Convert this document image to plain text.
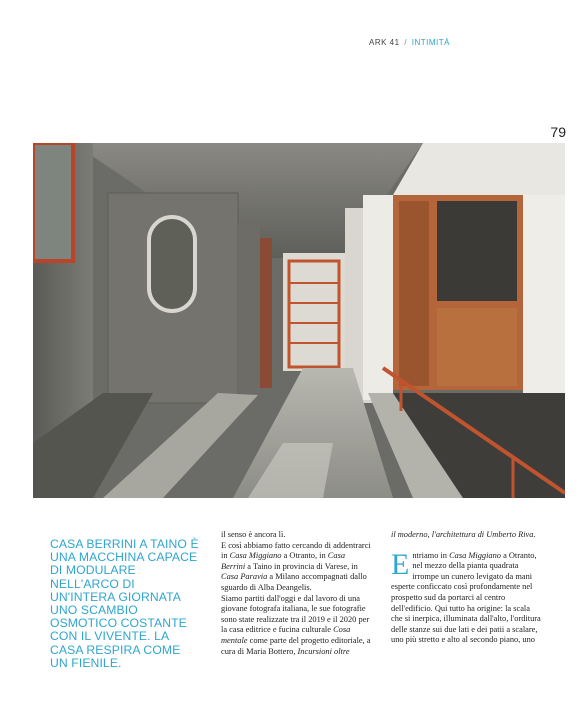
ARK 41 / INTIMITÀ
79
CASA BERRINI A TAINO È UNA MACCHINA CAPACE DI MODULARE NELL'ARCO DI UN'INTERA GIORNATA UNO SCAMBIO OSMOTICO COSTANTE CON IL VIVENTE. LA CASA RESPIRA COME UN FIENILE.

il senso è ancora lì.

E così abbiamo fatto cercando di addentrarci in Casa Miggiano a Otranto, in Casa Berrini a Taino in provincia di Varese, in Casa Paravia a Milano accompagnati dallo sguardo di Alba Deangelis.

Siamo partiti dall'oggi e dal lavoro di una giovane fotografa italiana, le sue fotografie sono state realizzate tra il 2019 e il 2020 per la casa editrice e fucina culturale Cosa mentale come parte del progetto editoriale, a cura di Maria Bottero, Incursioni oltre

il moderno, l'architettura di Umberto Riva.

Entriamo in Casa Miggiano a Otranto, nel mezzo della pianta quadrata irrompe un cunero levigato da mani esperte conficcato così profondamente nel prospetto sud da portarci al centro dell'edificio. Qui tutto ha origine: la scala che si inerpica, illuminata dall'alto, l'orditura delle stanze sui due lati e dei patii a scalare, uno più stretto e alto al secondo piano, uno
